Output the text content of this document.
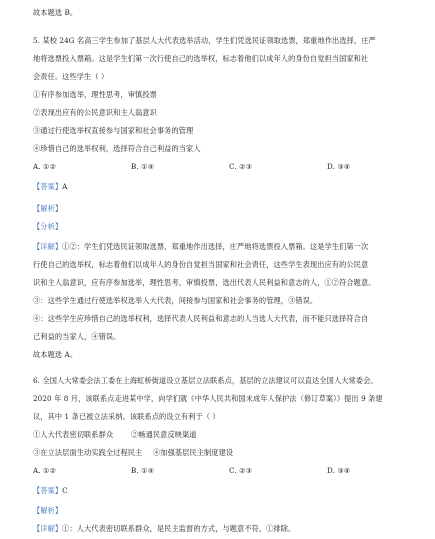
故本题选 B。
5. 某校 24G 名高三学生参加了基层人大代表选举活动，学生们凭选民证领取选票，郑重地作出选择，庄严
地将选票投入票箱。这是学生们第一次行使自己的选举权，标志着他们以成年人的身份自觉担当国家和社
会责任。这些学生（ ）
①有序参加选举，理性思考，审慎投票
②表现出应有的公民意识和主人翁意识
③通过行使选举权直接参与国家和社会事务的管理
④珍惜自己的选举权利，选择符合自己利益的当家人
A. ①②	B. ①④	C. ②③	D. ③④
【答案】A
【解析】
【分析】
【详解】①②：学生们凭选民证领取选票，郑重地作出选择，庄严地将选票投入票箱。这是学生们第一次
行使自己的选举权，标志着他们以成年人的身份自觉担当国家和社会责任，这些学生表现出应有的公民意
识和主人翁意识，应有序参加选举，理性思考，审慎投票，选出代表人民利益和意志的人，①②符合题意。
③：这些学生通过行使选举权选举人大代表，间接参与国家和社会事务的管理，③错误。
④：这些学生应珍惜自己的选举权利，选择代表人民利益和意志的人当选人大代表，而不能只选择符合自
己利益的当家人，④错误。
故本题选 A。
6. 全国人大常委会法工委在上海虹桥街道设立基层立法联系点，基层的立法建议可以直达全国人大常委会。
2020 年 8 月，该联系点走进某中学，向学们就《中华人民共和国未成年人保护法（修订草案）》提出 9 条建
议，其中 1 条已被立法采纳。该联系点的设立有利于（ ）
①人大代表密切联系群众 ②畅通民意反映渠道
③在立法层面生动实践全过程民主 ④加强基层民主制度建设
A. ①②	B. ①④	C. ②③	D. ③④
【答案】C
【解析】
【详解】①：人大代表密切联系群众，是民主监督的方式，与题意不符，①排除。
